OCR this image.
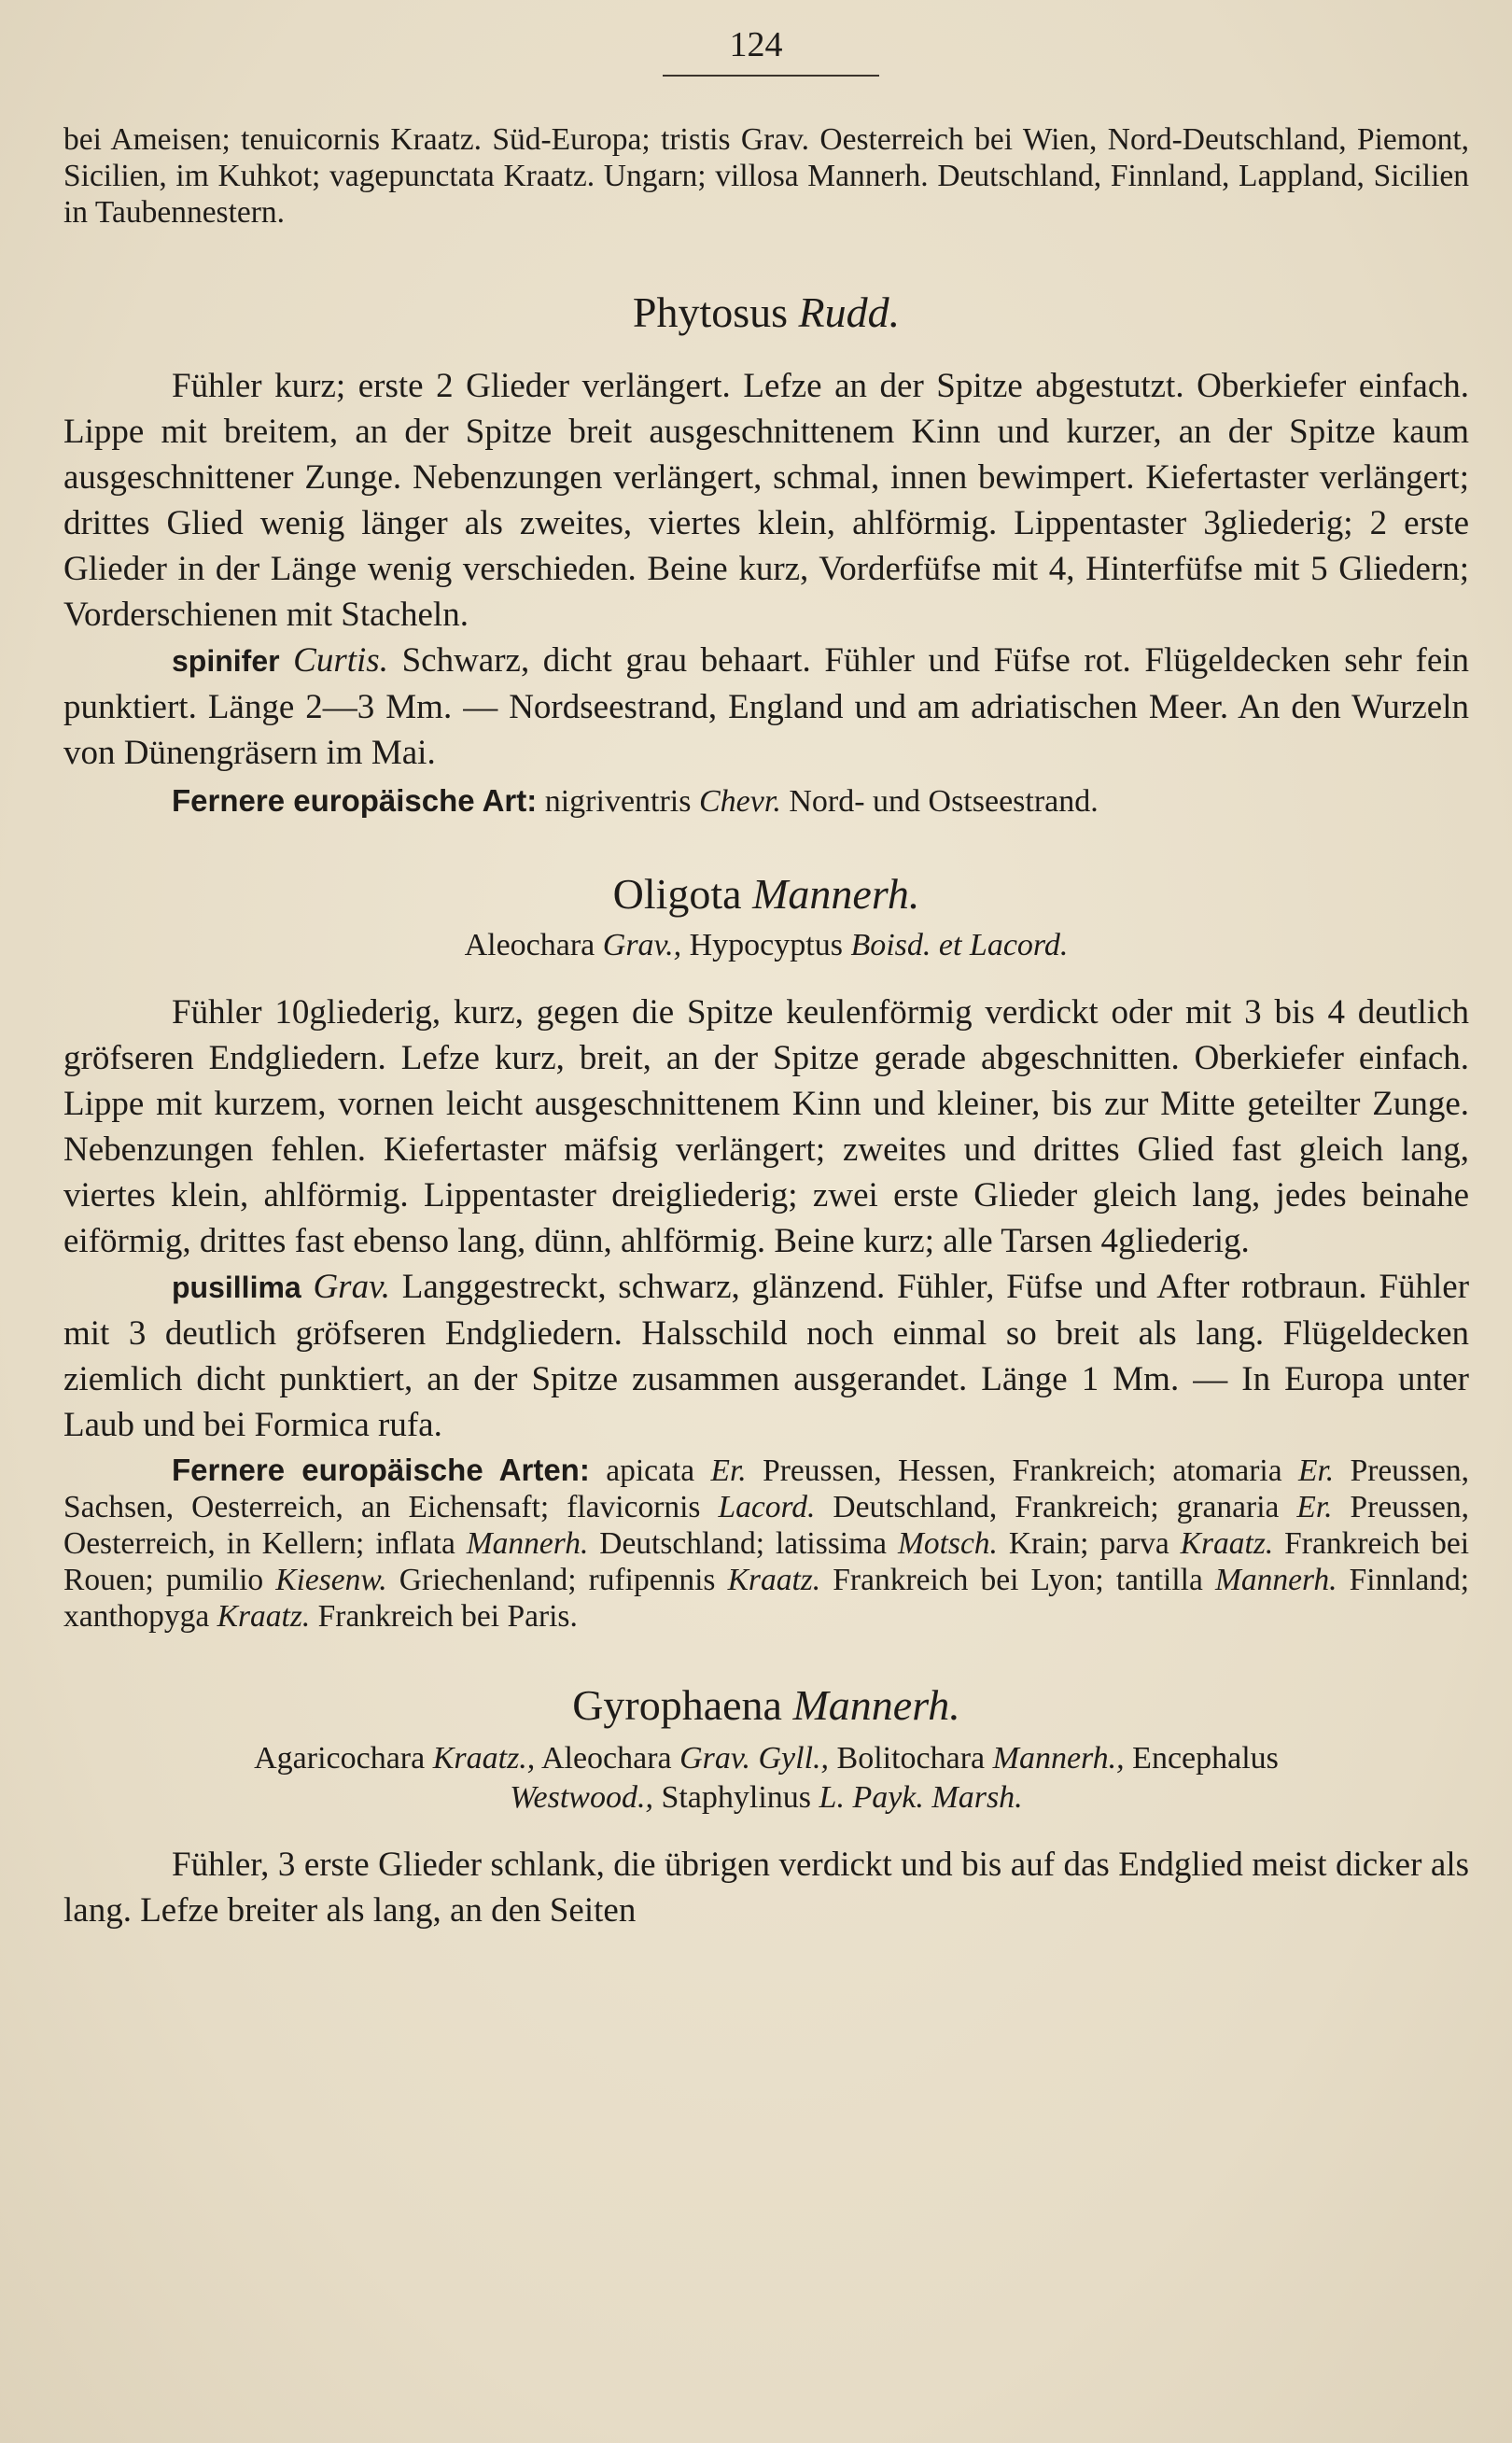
124

bei Ameisen; tenuicornis Kraatz. Süd-Europa; tristis Grav. Oesterreich bei Wien, Nord-Deutschland, Piemont, Sicilien, im Kuhkot; vagepunctata Kraatz. Ungarn; villosa Mannerh. Deutschland, Finnland, Lappland, Sicilien in Taubennestern.

Phytosus Rudd.

Fühler kurz; erste 2 Glieder verlängert. Lefze an der Spitze abgestutzt. Oberkiefer einfach. Lippe mit breitem, an der Spitze breit ausgeschnittenem Kinn und kurzer, an der Spitze kaum ausgeschnittener Zunge. Nebenzungen verlängert, schmal, innen bewimpert. Kiefertaster verlängert; drittes Glied wenig länger als zweites, viertes klein, ahlförmig. Lippentaster 3gliederig; 2 erste Glieder in der Länge wenig verschieden. Beine kurz, Vorderfüfse mit 4, Hinterfüfse mit 5 Gliedern; Vorderschienen mit Stacheln.

spinifer Curtis. Schwarz, dicht grau behaart. Fühler und Füfse rot. Flügeldecken sehr fein punktiert. Länge 2—3 Mm. — Nordseestrand, England und am adriatischen Meer. An den Wurzeln von Dünengräsern im Mai.

Fernere europäische Art: nigriventris Chevr. Nord- und Ostseestrand.

Oligota Mannerh.

Aleochara Grav., Hypocyptus Boisd. et Lacord.

Fühler 10gliederig, kurz, gegen die Spitze keulenförmig verdickt oder mit 3 bis 4 deutlich gröfseren Endgliedern. Lefze kurz, breit, an der Spitze gerade abgeschnitten. Oberkiefer einfach. Lippe mit kurzem, vornen leicht ausgeschnittenem Kinn und kleiner, bis zur Mitte geteilter Zunge. Nebenzungen fehlen. Kiefertaster mäfsig verlängert; zweites und drittes Glied fast gleich lang, viertes klein, ahlförmig. Lippentaster dreigliederig; zwei erste Glieder gleich lang, jedes beinahe eiförmig, drittes fast ebenso lang, dünn, ahlförmig. Beine kurz; alle Tarsen 4gliederig.

pusillima Grav. Langgestreckt, schwarz, glänzend. Fühler, Füfse und After rotbraun. Fühler mit 3 deutlich gröfseren Endgliedern. Halsschild noch einmal so breit als lang. Flügeldecken ziemlich dicht punktiert, an der Spitze zusammen ausgerandet. Länge 1 Mm. — In Europa unter Laub und bei Formica rufa.

Fernere europäische Arten: apicata Er. Preussen, Hessen, Frankreich; atomaria Er. Preussen, Sachsen, Oesterreich, an Eichensaft; flavicornis Lacord. Deutschland, Frankreich; granaria Er. Preussen, Oesterreich, in Kellern; inflata Mannerh. Deutschland; latissima Motsch. Krain; parva Kraatz. Frankreich bei Rouen; pumilio Kiesenw. Griechenland; rufipennis Kraatz. Frankreich bei Lyon; tantilla Mannerh. Finnland; xanthopyga Kraatz. Frankreich bei Paris.

Gyrophaena Mannerh.

Agaricochara Kraatz., Aleochara Grav. Gyll., Bolitochara Mannerh., Encephalus
Westwood., Staphylinus L. Payk. Marsh.

Fühler, 3 erste Glieder schlank, die übrigen verdickt und bis auf das Endglied meist dicker als lang. Lefze breiter als lang, an den Seiten
